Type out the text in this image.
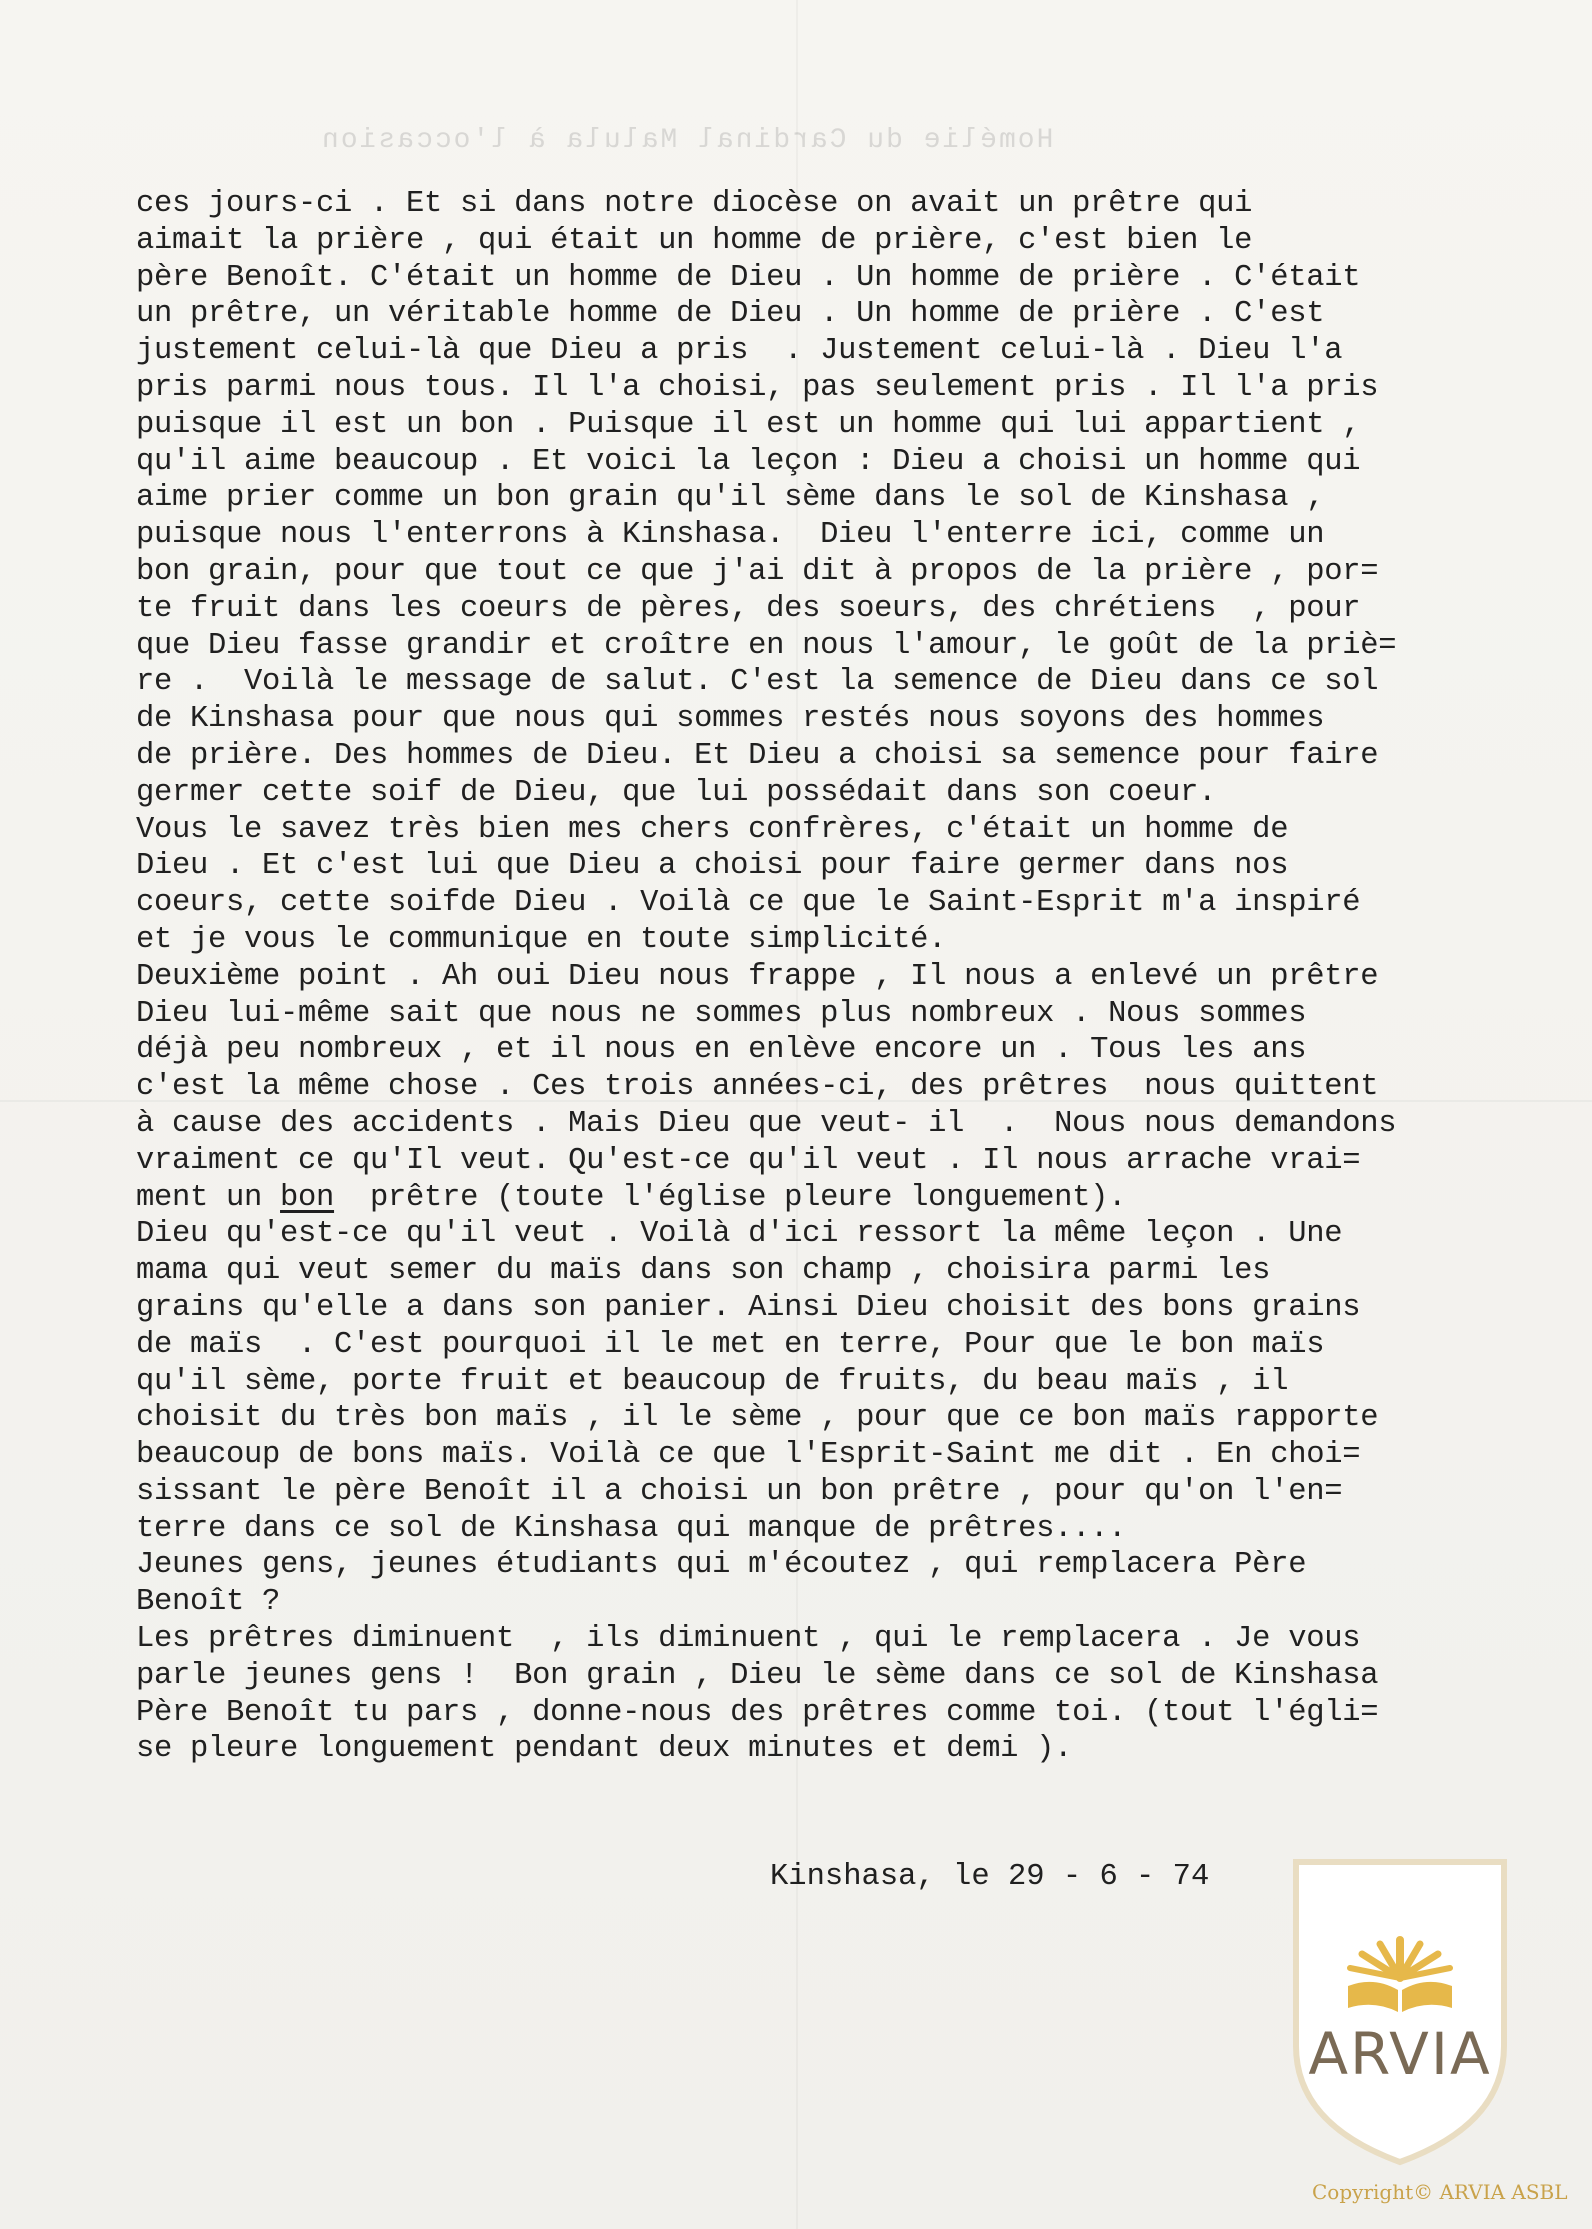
Homélie du Cardinal Malula à l'occasion
ces jours-ci . Et si dans notre diocèse on avait un prêtre qui
aimait la prière , qui était un homme de prière, c'est bien le
père Benoît. C'était un homme de Dieu . Un homme de prière . C'était
un prêtre, un véritable homme de Dieu . Un homme de prière . C'est
justement celui-là que Dieu a pris  . Justement celui-là . Dieu l'a
pris parmi nous tous. Il l'a choisi, pas seulement pris . Il l'a pris
puisque il est un bon . Puisque il est un homme qui lui appartient ,
qu'il aime beaucoup . Et voici la leçon : Dieu a choisi un homme qui
aime prier comme un bon grain qu'il sème dans le sol de Kinshasa ,
puisque nous l'enterrons à Kinshasa.  Dieu l'enterre ici, comme un
bon grain, pour que tout ce que j'ai dit à propos de la prière , por=
te fruit dans les coeurs de pères, des soeurs, des chrétiens  , pour
que Dieu fasse grandir et croître en nous l'amour, le goût de la priè=
re .  Voilà le message de salut. C'est la semence de Dieu dans ce sol
de Kinshasa pour que nous qui sommes restés nous soyons des hommes
de prière. Des hommes de Dieu. Et Dieu a choisi sa semence pour faire
germer cette soif de Dieu, que lui possédait dans son coeur.
Vous le savez très bien mes chers confrères, c'était un homme de
Dieu . Et c'est lui que Dieu a choisi pour faire germer dans nos
coeurs, cette soifde Dieu . Voilà ce que le Saint-Esprit m'a inspiré
et je vous le communique en toute simplicité.
Deuxième point . Ah oui Dieu nous frappe , Il nous a enlevé un prêtre
Dieu lui-même sait que nous ne sommes plus nombreux . Nous sommes
déjà peu nombreux , et il nous en enlève encore un . Tous les ans
c'est la même chose . Ces trois années-ci, des prêtres  nous quittent
à cause des accidents . Mais Dieu que veut- il  .  Nous nous demandons
vraiment ce qu'Il veut. Qu'est-ce qu'il veut . Il nous arrache vrai=
ment un bon  prêtre (toute l'église pleure longuement).
Dieu qu'est-ce qu'il veut . Voilà d'ici ressort la même leçon . Une
mama qui veut semer du maïs dans son champ , choisira parmi les
grains qu'elle a dans son panier. Ainsi Dieu choisit des bons grains
de maïs  . C'est pourquoi il le met en terre, Pour que le bon maïs
qu'il sème, porte fruit et beaucoup de fruits, du beau maïs , il
choisit du très bon maïs , il le sème , pour que ce bon maïs rapporte
beaucoup de bons maïs. Voilà ce que l'Esprit-Saint me dit . En choi=
sissant le père Benoît il a choisi un bon prêtre , pour qu'on l'en=
terre dans ce sol de Kinshasa qui manque de prêtres....
Jeunes gens, jeunes étudiants qui m'écoutez , qui remplacera Père
Benoît ?
Les prêtres diminuent  , ils diminuent , qui le remplacera . Je vous
parle jeunes gens !  Bon grain , Dieu le sème dans ce sol de Kinshasa
Père Benoît tu pars , donne-nous des prêtres comme toi. (tout l'égli=
se pleure longuement pendant deux minutes et demi ).
Kinshasa, le 29 - 6 - 74
ARVIA
Copyright© ARVIA ASBL
